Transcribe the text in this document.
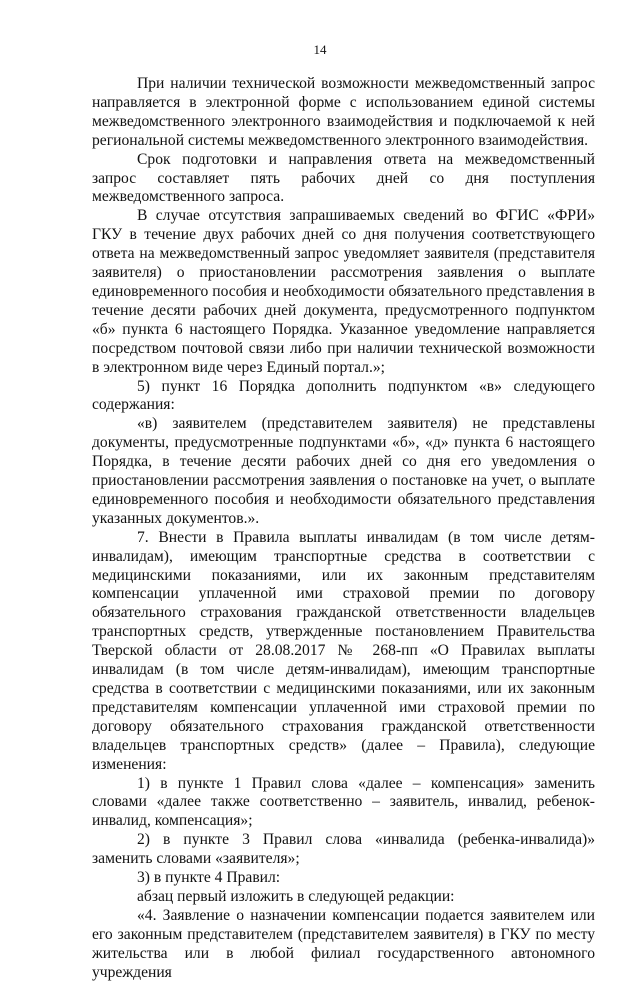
14

При наличии технической возможности межведомственный запрос направляется в электронной форме с использованием единой системы межведомственного электронного взаимодействия и подключаемой к ней региональной системы межведомственного электронного взаимодействия.

Срок подготовки и направления ответа на межведомственный запрос составляет пять рабочих дней со дня поступления межведомственного запроса.

В случае отсутствия запрашиваемых сведений во ФГИС «ФРИ» ГКУ в течение двух рабочих дней со дня получения соответствующего ответа на межведомственный запрос уведомляет заявителя (представителя заявителя) о приостановлении рассмотрения заявления о выплате единовременного пособия и необходимости обязательного представления в течение десяти рабочих дней документа, предусмотренного подпунктом «б» пункта 6 настоящего Порядка. Указанное уведомление направляется посредством почтовой связи либо при наличии технической возможности в электронном виде через Единый портал.»;

5) пункт 16 Порядка дополнить подпунктом «в» следующего содержания:

«в) заявителем (представителем заявителя) не представлены документы, предусмотренные подпунктами «б», «д» пункта 6 настоящего Порядка, в течение десяти рабочих дней со дня его уведомления о приостановлении рассмотрения заявления о постановке на учет, о выплате единовременного пособия и необходимости обязательного представления указанных документов.».

7. Внести в Правила выплаты инвалидам (в том числе детям-инвалидам), имеющим транспортные средства в соответствии с медицинскими показаниями, или их законным представителям компенсации уплаченной ими страховой премии по договору обязательного страхования гражданской ответственности владельцев транспортных средств, утвержденные постановлением Правительства Тверской области от 28.08.2017 № 268-пп «О Правилах выплаты инвалидам (в том числе детям-инвалидам), имеющим транспортные средства в соответствии с медицинскими показаниями, или их законным представителям компенсации уплаченной ими страховой премии по договору обязательного страхования гражданской ответственности владельцев транспортных средств» (далее – Правила), следующие изменения:

1) в пункте 1 Правил слова «далее – компенсация» заменить словами «далее также соответственно – заявитель, инвалид, ребенок-инвалид, компенсация»;

2) в пункте 3 Правил слова «инвалида (ребенка-инвалида)» заменить словами «заявителя»;

3) в пункте 4 Правил:

абзац первый изложить в следующей редакции:

«4. Заявление о назначении компенсации подается заявителем или его законным представителем (представителем заявителя) в ГКУ по месту жительства или в любой филиал государственного автономного учреждения
